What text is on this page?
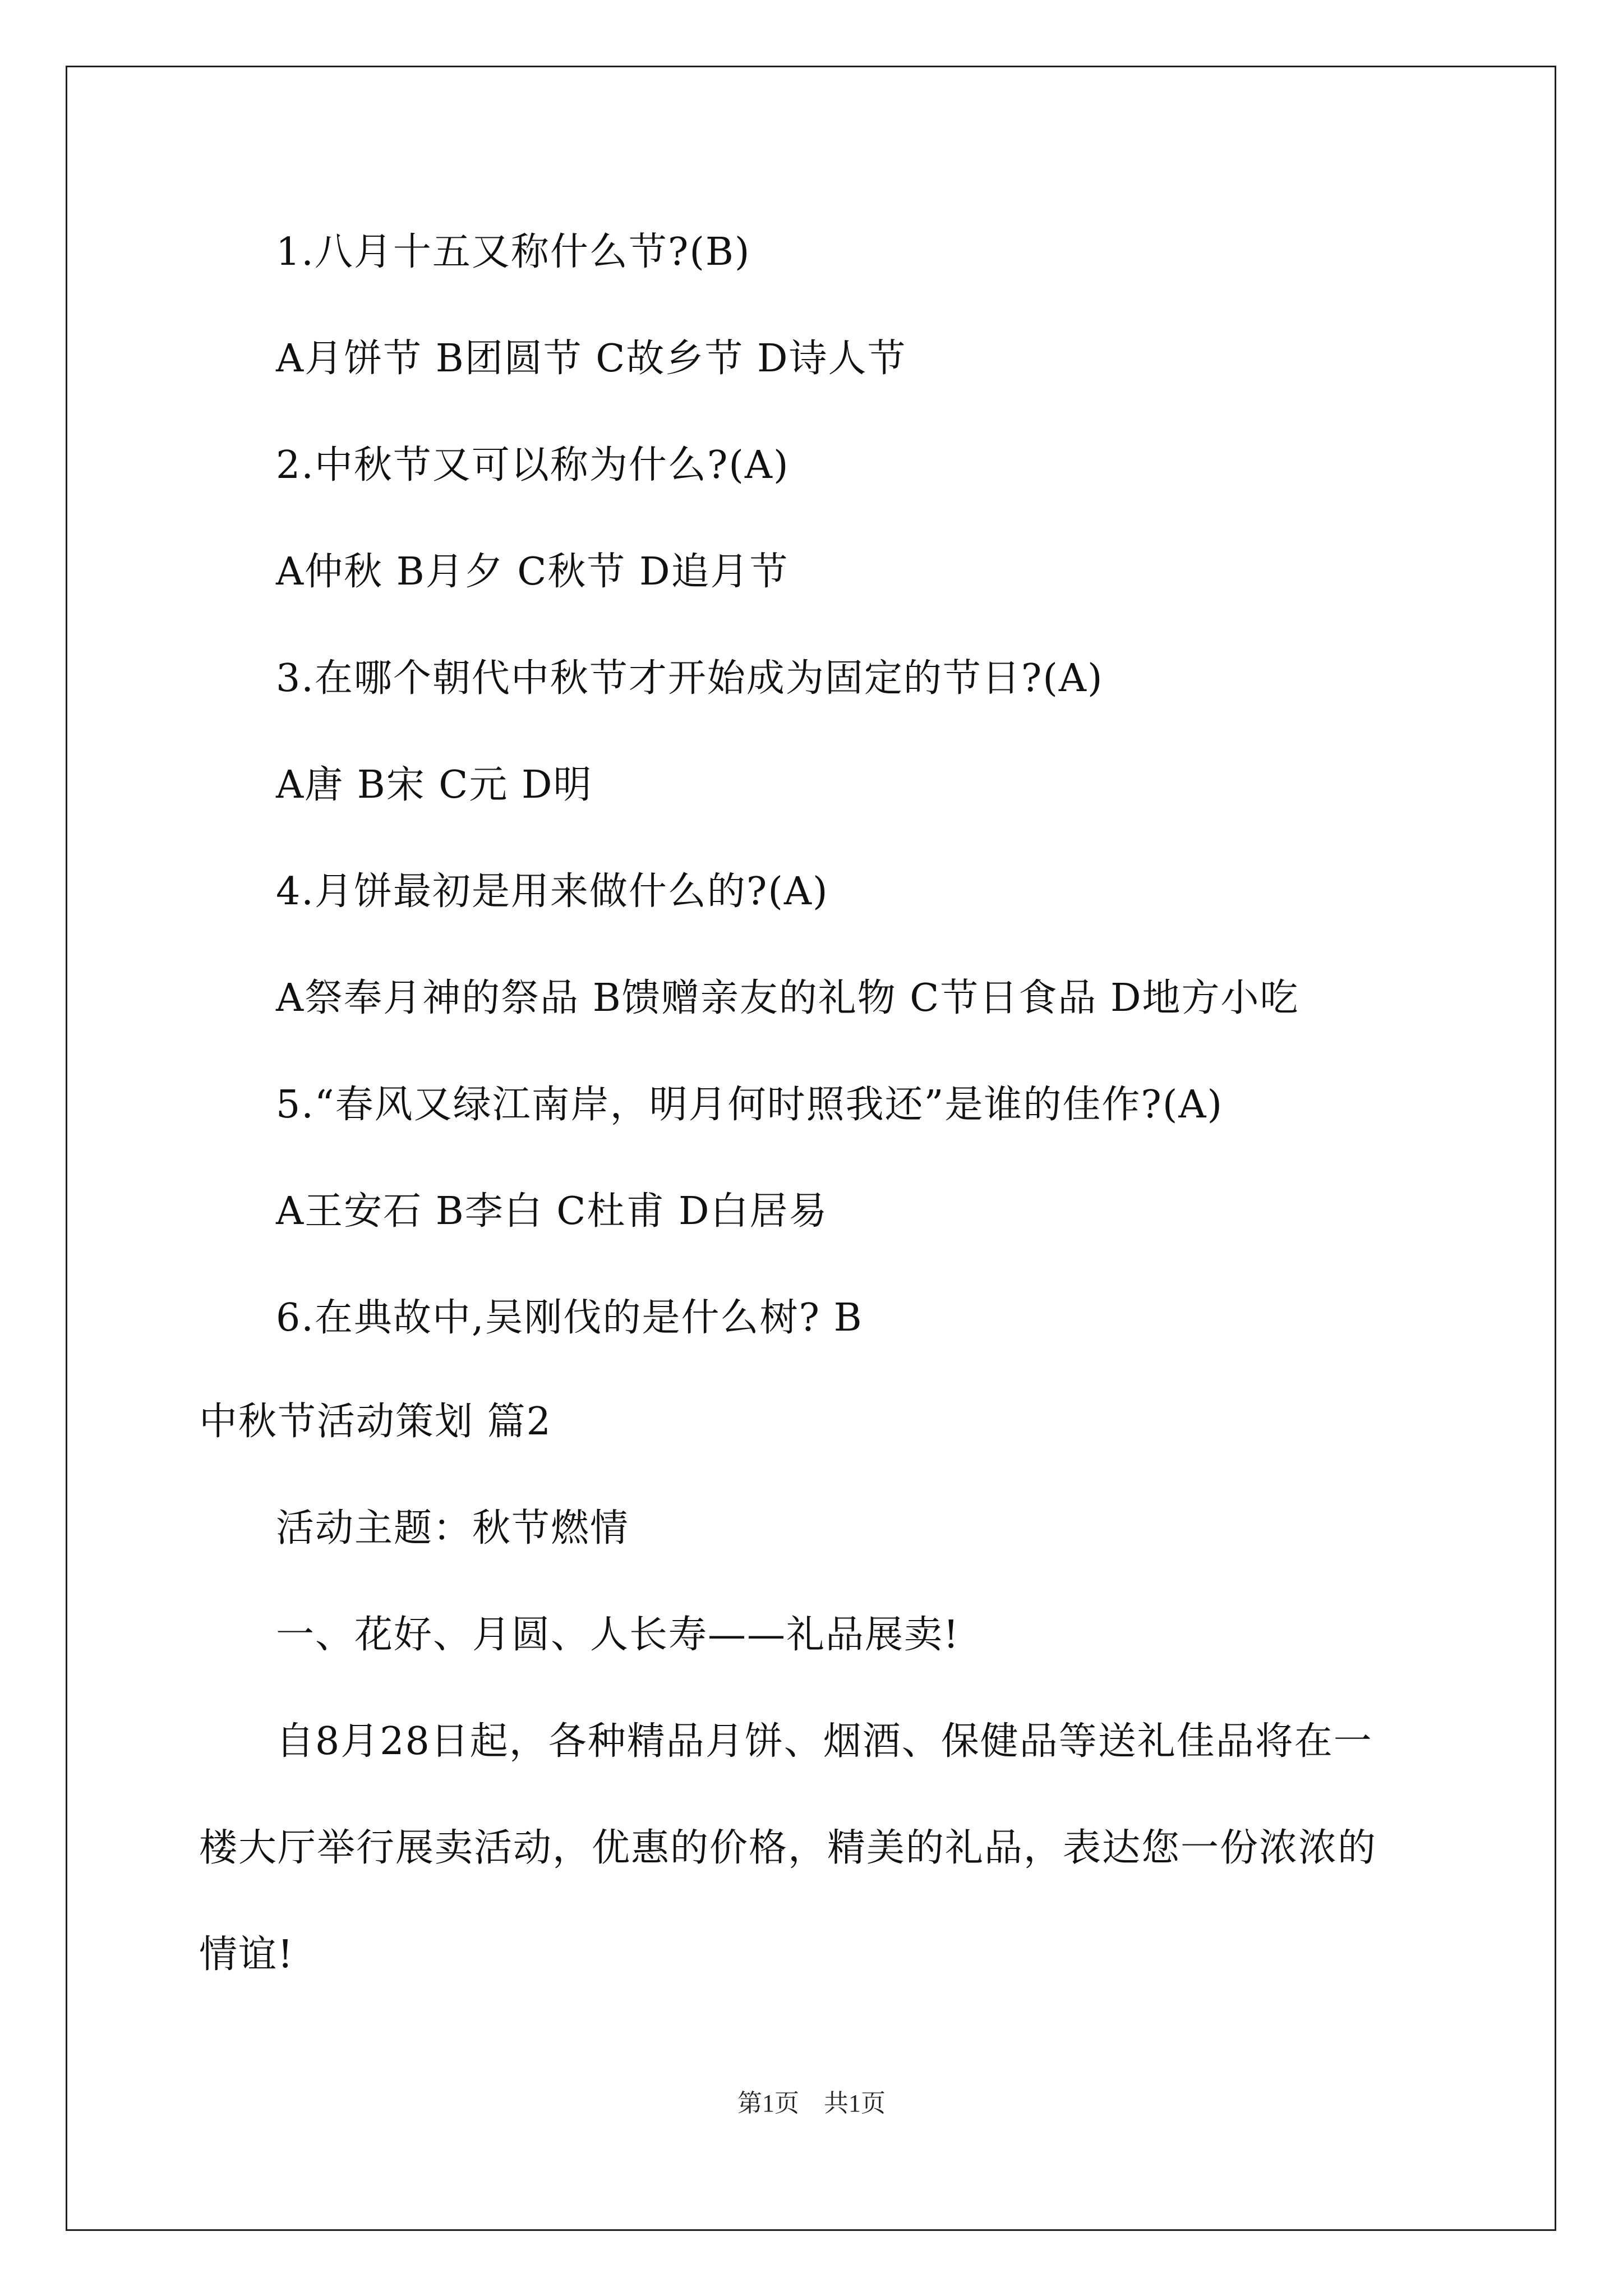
1.八月十五又称什么节?(B)
A月饼节 B团圆节 C故乡节 D诗人节
2.中秋节又可以称为什么?(A)
A仲秋 B月夕 C秋节 D追月节
3.在哪个朝代中秋节才开始成为固定的节日?(A)
A唐 B宋 C元 D明
4.月饼最初是用来做什么的?(A)
A祭奉月神的祭品 B馈赠亲友的礼物 C节日食品 D地方小吃
5.“春风又绿江南岸，明月何时照我还”是谁的佳作?(A)
A王安石 B李白 C杜甫 D白居易
6.在典故中,吴刚伐的是什么树? B
中秋节活动策划 篇2
活动主题：秋节燃情
一、花好、月圆、人长寿——礼品展卖!
自8月28日起，各种精品月饼、烟酒、保健品等送礼佳品将在一
楼大厅举行展卖活动，优惠的价格，精美的礼品，表达您一份浓浓的
情谊!
第1页　共1页
